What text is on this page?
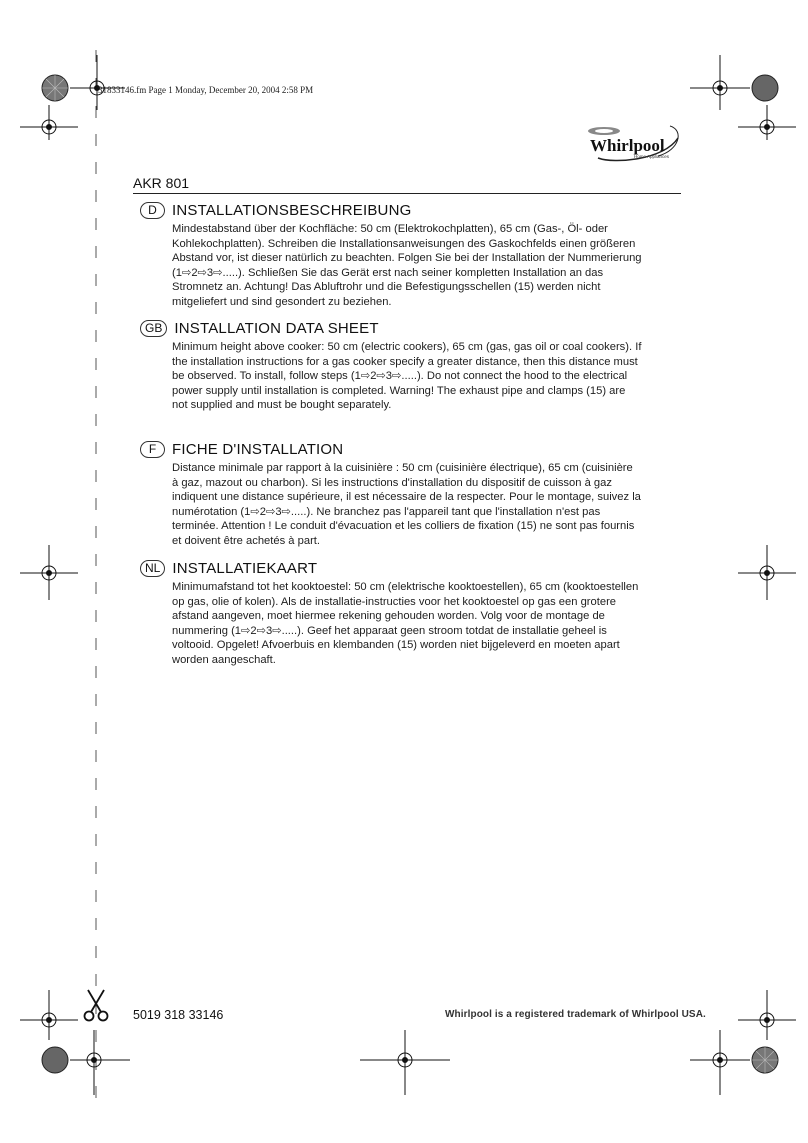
31833146.fm Page 1 Monday, December 20, 2004 2:58 PM
Whirlpool
Home Appliances
AKR 801
D	INSTALLATIONSBESCHREIBUNG
Mindestabstand über der Kochfläche: 50 cm (Elektrokochplatten), 65 cm (Gas-, Öl- oder Kohlekochplatten). Schreiben die Installationsanweisungen des Gaskochfelds einen größeren Abstand vor, ist dieser natürlich zu beachten. Folgen Sie bei der Installation der Nummerierung (1⇨2⇨3⇨.....). Schließen Sie das Gerät erst nach seiner kompletten Installation an das Stromnetz an. Achtung! Das Abluftrohr und die Befestigungsschellen (15) werden nicht mitgeliefert und sind gesondert zu beziehen.
GB INSTALLATION DATA SHEET
Minimum height above cooker: 50 cm (electric cookers), 65 cm (gas, gas oil or coal cookers). If the installation instructions for a gas cooker specify a greater distance, then this distance must be observed. To install, follow steps (1⇨2⇨3⇨.....). Do not connect the hood to the electrical power supply until installation is completed. Warning! The exhaust pipe and clamps (15) are not supplied and must be bought separately.
F	FICHE D'INSTALLATION
Distance minimale par rapport à la cuisinière : 50 cm (cuisinière électrique), 65 cm (cuisinière à gaz, mazout ou charbon). Si les instructions d'installation du dispositif de cuisson à gaz indiquent une distance supérieure, il est nécessaire de la respecter. Pour le montage, suivez la numérotation (1⇨2⇨3⇨.....). Ne branchez pas l'appareil tant que l'installation n'est pas terminée. Attention ! Le conduit d'évacuation et les colliers de fixation (15) ne sont pas fournis et doivent être achetés à part.
NL INSTALLATIEKAART
Minimumafstand tot het kooktoestel: 50 cm (elektrische kooktoestellen), 65 cm (kooktoestellen op gas, olie of kolen). Als de installatie-instructies voor het kooktoestel op gas een grotere afstand aangeven, moet hiermee rekening gehouden worden. Volg voor de montage de nummering (1⇨2⇨3⇨.....). Geef het apparaat geen stroom totdat de installatie geheel is voltooid. Opgelet! Afvoerbuis en klembanden (15) worden niet bijgeleverd en moeten apart worden aangeschaft.
5019 318 33146	Whirlpool is a registered trademark of Whirlpool USA.
